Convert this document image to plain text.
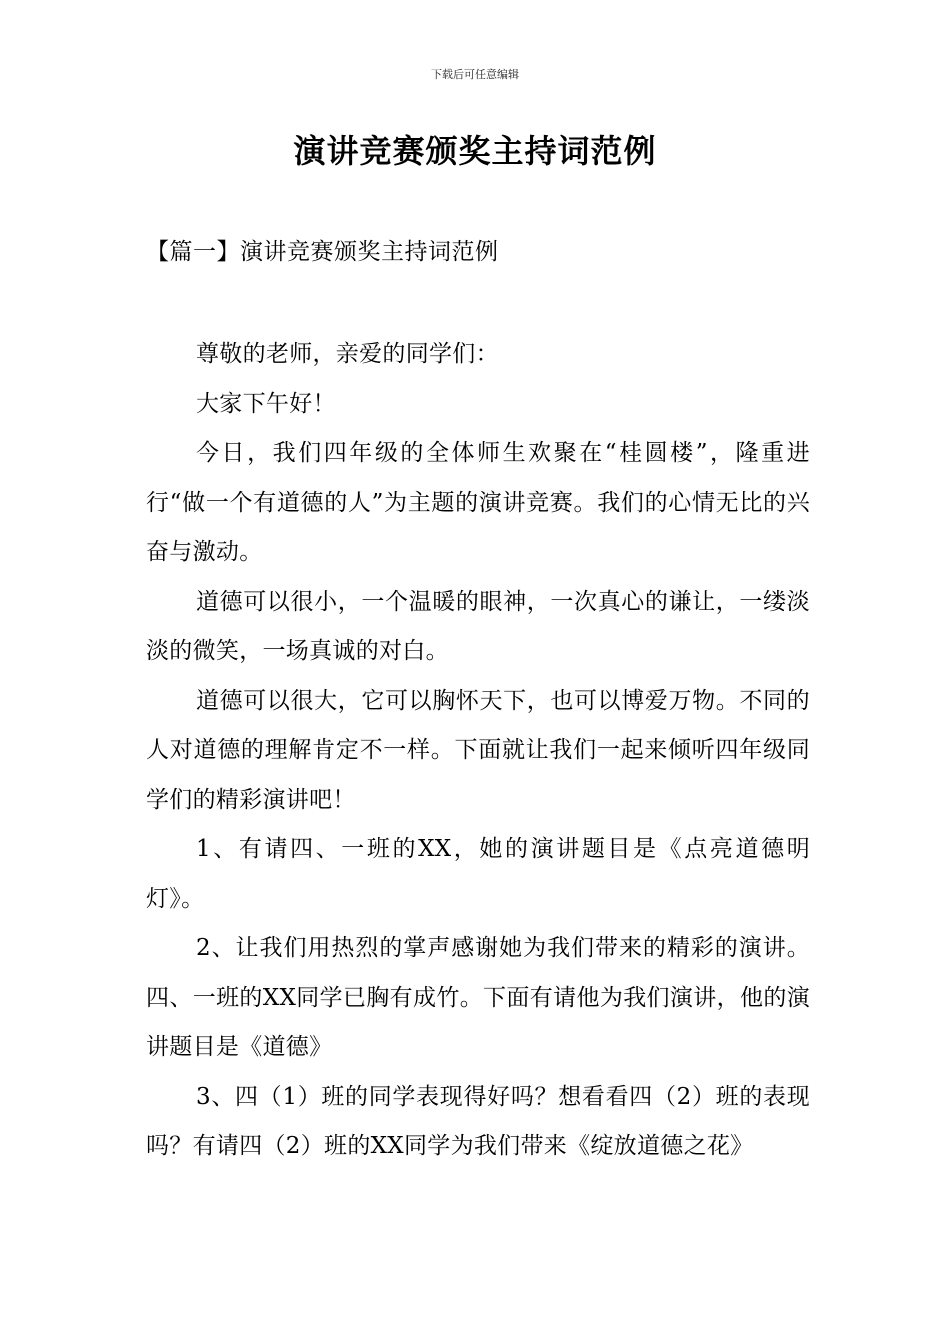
下载后可任意编辑
演讲竞赛颁奖主持词范例
【篇一】演讲竞赛颁奖主持词范例

尊敬的老师，亲爱的同学们：

大家下午好！

今日，我们四年级的全体师生欢聚在“桂圆楼”，隆重进行“做一个有道德的人”为主题的演讲竞赛。我们的心情无比的兴奋与激动。

道德可以很小，一个温暖的眼神，一次真心的谦让，一缕淡淡的微笑，一场真诚的对白。

道德可以很大，它可以胸怀天下，也可以博爱万物。不同的人对道德的理解肯定不一样。下面就让我们一起来倾听四年级同学们的精彩演讲吧！

1、有请四、一班的XX，她的演讲题目是《点亮道德明灯》。

2、让我们用热烈的掌声感谢她为我们带来的精彩的演讲。四、一班的XX同学已胸有成竹。下面有请他为我们演讲，他的演讲题目是《道德》

3、四（1）班的同学表现得好吗？想看看四（2）班的表现吗？有请四（2）班的XX同学为我们带来《绽放道德之花》
